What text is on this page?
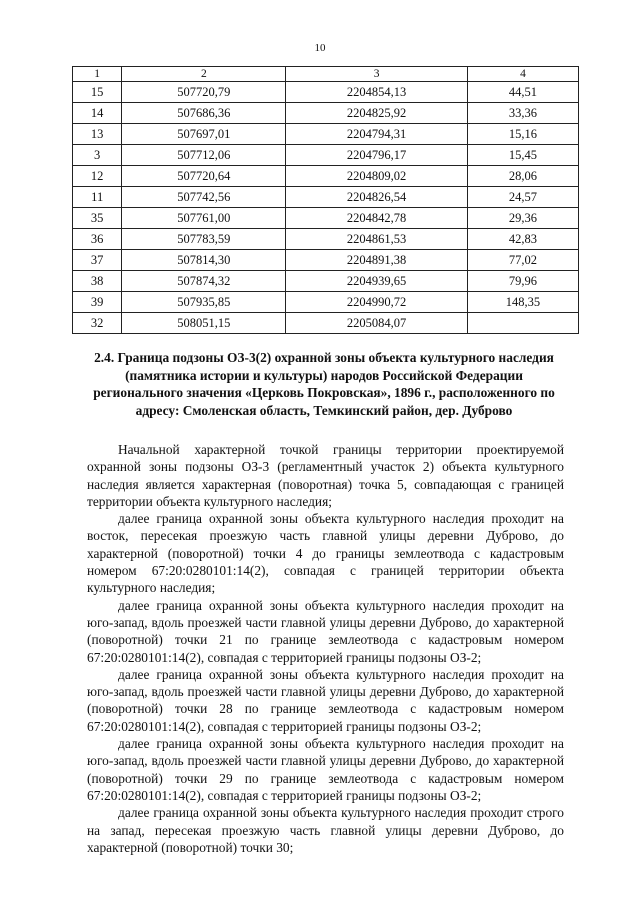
10
1	2	3	4
15	507720,79	2204854,13	44,51
14	507686,36	2204825,92	33,36
13	507697,01	2204794,31	15,16
3	507712,06	2204796,17	15,45
12	507720,64	2204809,02	28,06
11	507742,56	2204826,54	24,57
35	507761,00	2204842,78	29,36
36	507783,59	2204861,53	42,83
37	507814,30	2204891,38	77,02
38	507874,32	2204939,65	79,96
39	507935,85	2204990,72	148,35
32	508051,15	2205084,07	
2.4. Граница подзоны ОЗ-3(2) охранной зоны объекта культурного наследия (памятника истории и культуры) народов Российской Федерации регионального значения «Церковь Покровская», 1896 г., расположенного по адресу: Смоленская область, Темкинский район, дер. Дуброво

Начальной характерной точкой границы территории проектируемой охранной зоны подзоны ОЗ-3 (регламентный участок 2) объекта культурного наследия является характерная (поворотная) точка 5, совпадающая с границей территории объекта культурного наследия;

далее граница охранной зоны объекта культурного наследия проходит на восток, пересекая проезжую часть главной улицы деревни Дуброво, до характерной (поворотной) точки 4 до границы землеотвода с кадастровым номером 67:20:0280101:14(2), совпадая с границей территории объекта культурного наследия;

далее граница охранной зоны объекта культурного наследия проходит на юго-запад, вдоль проезжей части главной улицы деревни Дуброво, до характерной (поворотной) точки 21 по границе землеотвода с кадастровым номером 67:20:0280101:14(2), совпадая с территорией границы подзоны ОЗ-2;

далее граница охранной зоны объекта культурного наследия проходит на юго-запад, вдоль проезжей части главной улицы деревни Дуброво, до характерной (поворотной) точки 28 по границе землеотвода с кадастровым номером 67:20:0280101:14(2), совпадая с территорией границы подзоны ОЗ-2;

далее граница охранной зоны объекта культурного наследия проходит на юго-запад, вдоль проезжей части главной улицы деревни Дуброво, до характерной (поворотной) точки 29 по границе землеотвода с кадастровым номером 67:20:0280101:14(2), совпадая с территорией границы подзоны ОЗ-2;

далее граница охранной зоны объекта культурного наследия проходит строго на запад, пересекая проезжую часть главной улицы деревни Дуброво, до характерной (поворотной) точки 30;
